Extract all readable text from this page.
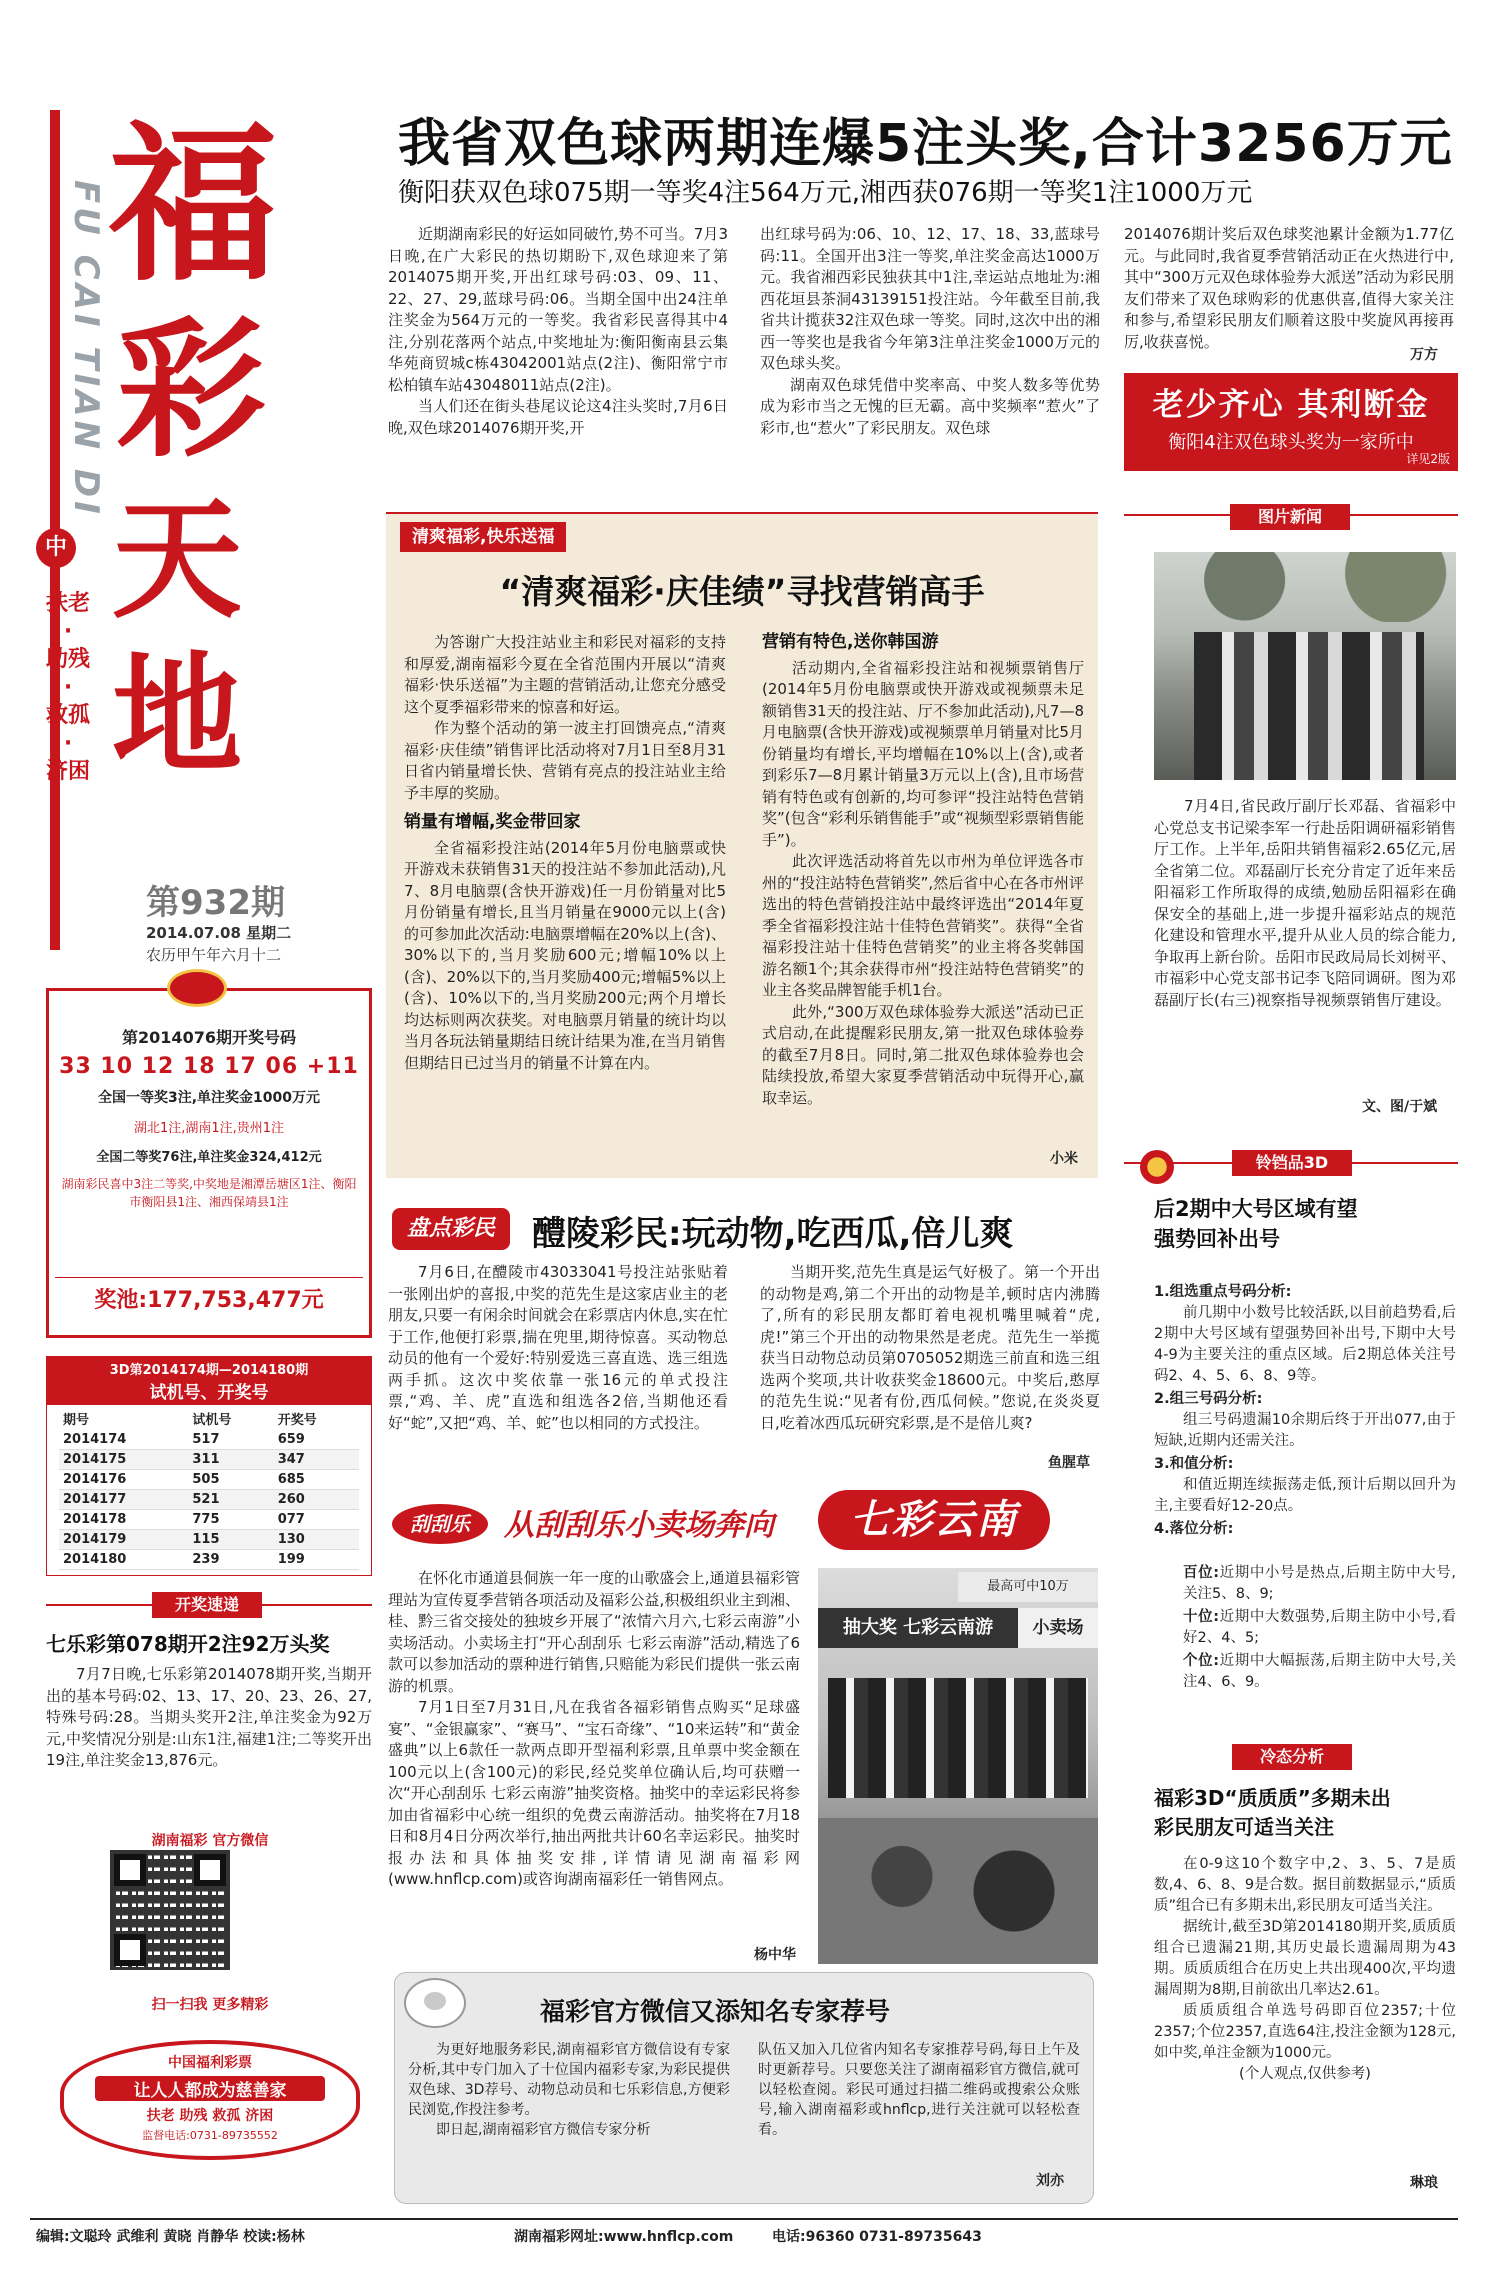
FU CAI TIAN DI 福
彩
天
地
中
扶老
·
助残
·
救孤
·
济困
第932期
2014.07.08 星期二
农历甲午年六月十二
我省双色球两期连爆5注头奖,合计3256万元
衡阳获双色球075期一等奖4注564万元,湘西获076期一等奖1注1000万元

近期湖南彩民的好运如同破竹,势不可当。7月3日晚,在广大彩民的热切期盼下,双色球迎来了第2014075期开奖,开出红球号码:03、09、11、22、27、29,蓝球号码:06。当期全国中出24注单注奖金为564万元的一等奖。我省彩民喜得其中4注,分别花落两个站点,中奖地址为:衡阳衡南县云集华苑商贸城c栋43042001站点(2注)、衡阳常宁市松柏镇车站43048011站点(2注)。

当人们还在街头巷尾议论这4注头奖时,7月6日晚,双色球2014076期开奖,开

出红球号码为:06、10、12、17、18、33,蓝球号码:11。全国开出3注一等奖,单注奖金高达1000万元。我省湘西彩民独获其中1注,幸运站点地址为:湘西花垣县茶洞43139151投注站。今年截至目前,我省共计揽获32注双色球一等奖。同时,这次中出的湘西一等奖也是我省今年第3注单注奖金1000万元的双色球头奖。

湖南双色球凭借中奖率高、中奖人数多等优势成为彩市当之无愧的巨无霸。高中奖频率“惹火”了彩市,也“惹火”了彩民朋友。双色球

2014076期计奖后双色球奖池累计金额为1.77亿元。与此同时,我省夏季营销活动正在火热进行中,其中“300万元双色球体验券大派送”活动为彩民朋友们带来了双色球购彩的优惠供喜,值得大家关注和参与,希望彩民朋友们顺着这股中奖旋风再接再厉,收获喜悦。

万方
老少齐心 其利断金
衡阳4注双色球头奖为一家所中
详见2版
第2014076期开奖号码
33 10 12 18 17 06 +11
全国一等奖3注,单注奖金1000万元
湖北1注,湖南1注,贵州1注
全国二等奖76注,单注奖金324,412元
湖南彩民喜中3注二等奖,中奖地是湘潭岳塘区1注、衡阳市衡阳县1注、湘西保靖县1注
奖池:177,753,477元
3D第2014174期—2014180期
试机号、开奖号
期号	试机号	开奖号
2014174	517	659
2014175	311	347
2014176	505	685
2014177	521	260
2014178	775	077
2014179	115	130
2014180	239	199
开奖速递
七乐彩第078期开2注92万头奖

7月7日晚,七乐彩第2014078期开奖,当期开出的基本号码:02、13、17、20、23、26、27,特殊号码:28。当期头奖开2注,单注奖金为92万元,中奖情况分别是:山东1注,福建1注;二等奖开出19注,单注奖金13,876元。

湖南福彩 官方微信
扫一扫我 更多精彩
中国福利彩票
让人人都成为慈善家
扶老 助残 救孤 济困
监督电话:0731-89735552
清爽福彩,快乐送福
“清爽福彩·庆佳绩”寻找营销高手

为答谢广大投注站业主和彩民对福彩的支持和厚爱,湖南福彩今夏在全省范围内开展以“清爽福彩·快乐送福”为主题的营销活动,让您充分感受这个夏季福彩带来的惊喜和好运。

作为整个活动的第一波主打回馈亮点,“清爽福彩·庆佳绩”销售评比活动将对7月1日至8月31日省内销量增长快、营销有亮点的投注站业主给予丰厚的奖励。

销量有增幅,奖金带回家

全省福彩投注站(2014年5月份电脑票或快开游戏未获销售31天的投注站不参加此活动),凡7、8月电脑票(含快开游戏)任一月份销量对比5月份销量有增长,且当月销量在9000元以上(含)的可参加此次活动:电脑票增幅在20%以上(含)、30%以下的,当月奖励600元;增幅10%以上(含)、20%以下的,当月奖励400元;增幅5%以上(含)、10%以下的,当月奖励200元;两个月增长均达标则两次获奖。对电脑票月销量的统计均以当月各玩法销量期结日统计结果为准,在当月销售但期结日已过当月的销量不计算在内。

营销有特色,送你韩国游

活动期内,全省福彩投注站和视频票销售厅(2014年5月份电脑票或快开游戏或视频票未足额销售31天的投注站、厅不参加此活动),凡7—8月电脑票(含快开游戏)或视频票单月销量对比5月份销量均有增长,平均增幅在10%以上(含),或者到彩乐7—8月累计销量3万元以上(含),且市场营销有特色或有创新的,均可参评“投注站特色营销奖”(包含“彩利乐销售能手”或“视频型彩票销售能手”)。

此次评选活动将首先以市州为单位评选各市州的“投注站特色营销奖”,然后省中心在各市州评选出的特色营销投注站中最终评选出“2014年夏季全省福彩投注站十佳特色营销奖”。获得“全省福彩投注站十佳特色营销奖”的业主将各奖韩国游名额1个;其余获得市州“投注站特色营销奖”的业主各奖品牌智能手机1台。

此外,“300万双色球体验券大派送”活动已正式启动,在此提醒彩民朋友,第一批双色球体验券的截至7月8日。同时,第二批双色球体验券也会陆续投放,希望大家夏季营销活动中玩得开心,赢取幸运。

小米
图片新闻

7月4日,省民政厅副厅长邓磊、省福彩中心党总支书记梁李军一行赴岳阳调研福彩销售厅工作。上半年,岳阳共销售福彩2.65亿元,居全省第二位。邓磊副厅长充分肯定了近年来岳阳福彩工作所取得的成绩,勉励岳阳福彩在确保安全的基础上,进一步提升福彩站点的规范化建设和管理水平,提升从业人员的综合能力,争取再上新台阶。岳阳市民政局局长刘树平、市福彩中心党支部书记李飞陪同调研。图为邓磊副厅长(右三)视察指导视频票销售厅建设。

文、图/于斌
盘点彩民	醴陵彩民:玩动物,吃西瓜,倍儿爽

7月6日,在醴陵市43033041号投注站张贴着一张刚出炉的喜报,中奖的范先生是这家店业主的老朋友,只要一有闲余时间就会在彩票店内休息,实在忙于工作,他便打彩票,揣在兜里,期待惊喜。买动物总动员的他有一个爱好:特别爱选三喜直选、选三组选两手抓。这次中奖依靠一张16元的单式投注票,“鸡、羊、虎”直选和组选各2倍,当期他还看好“蛇”,又把“鸡、羊、蛇”也以相同的方式投注。

当期开奖,范先生真是运气好极了。第一个开出的动物是鸡,第二个开出的动物是羊,顿时店内沸腾了,所有的彩民朋友都盯着电视机嘴里喊着“虎,虎!”第三个开出的动物果然是老虎。范先生一举揽获当日动物总动员第0705052期选三前直和选三组选两个奖项,共计收获奖金18600元。中奖后,憨厚的范先生说:“见者有份,西瓜伺候。”您说,在炎炎夏日,吃着冰西瓜玩研究彩票,是不是倍儿爽?

鱼腥草
刮刮乐	从刮刮乐小卖场奔向	七彩云南

在怀化市通道县侗族一年一度的山歌盛会上,通道县福彩管理站为宣传夏季营销各项活动及福彩公益,积极组织业主到湘、桂、黔三省交接处的独坡乡开展了“浓情六月六,七彩云南游”小卖场活动。小卖场主打“开心刮刮乐 七彩云南游”活动,精选了6款可以参加活动的票种进行销售,只赔能为彩民们提供一张云南游的机票。

7月1日至7月31日,凡在我省各福彩销售点购买“足球盛宴”、“金银赢家”、“赛马”、“宝石奇缘”、“10来运转”和“黄金盛典”以上6款任一款两点即开型福利彩票,且单票中奖金额在100元以上(含100元)的彩民,经兑奖单位确认后,均可获赠一次“开心刮刮乐 七彩云南游”抽奖资格。抽奖中的幸运彩民将参加由省福彩中心统一组织的免费云南游活动。抽奖将在7月18日和8月4日分两次举行,抽出两批共计60名幸运彩民。抽奖时报办法和具体抽奖安排,详情请见湖南福彩网(www.hnflcp.com)或咨询湖南福彩任一销售网点。

杨中华
抽大奖 七彩云南游	小卖场
最高可中10万
福彩官方微信又添知名专家荐号

为更好地服务彩民,湖南福彩官方微信设有专家分析,其中专门加入了十位国内福彩专家,为彩民提供双色球、3D荐号、动物总动员和七乐彩信息,方便彩民浏览,作投注参考。

即日起,湖南福彩官方微信专家分析

队伍又加入几位省内知名专家推荐号码,每日上午及时更新荐号。只要您关注了湖南福彩官方微信,就可以轻松查阅。彩民可通过扫描二维码或搜索公众账号,输入湖南福彩或hnflcp,进行关注就可以轻松查看。

刘亦
铃铛品3D
后2期中大号区域有望强势回补出号
1.组选重点号码分析:
前几期中小数号比较活跃,以目前趋势看,后2期中大号区域有望强势回补出号,下期中大号4-9为主要关注的重点区域。后2期总体关注号码2、4、5、6、8、9等。
2.组三号码分析:
组三号码遗漏10余期后终于开出077,由于短缺,近期内还需关注。
3.和值分析:
和值近期连续振荡走低,预计后期以回升为主,主要看好12-20点。
4.落位分析:

百位:近期中小号是热点,后期主防中大号,关注5、8、9;
十位:近期中大数强势,后期主防中小号,看好2、4、5;
个位:近期中大幅振荡,后期主防中大号,关注4、6、9。
冷态分析
福彩3D“质质质”多期未出彩民朋友可适当关注

在0-9这10个数字中,2、3、5、7是质数,4、6、8、9是合数。据目前数据显示,“质质质”组合已有多期未出,彩民朋友可适当关注。

据统计,截至3D第2014180期开奖,质质质组合已遗漏21期,其历史最长遗漏周期为43期。质质质组合在历史上共出现400次,平均遗漏周期为8期,目前欲出几率达2.61。

质质质组合单选号码即百位2357;十位2357;个位2357,直选64注,投注金额为128元,如中奖,单注金额为1000元。

(个人观点,仅供参考)

琳琅
编辑:文聪玲 武维利 黄晓 肖静华 校读:杨林	湖南福彩网址:www.hnflcp.com	电话:96360 0731-89735643
